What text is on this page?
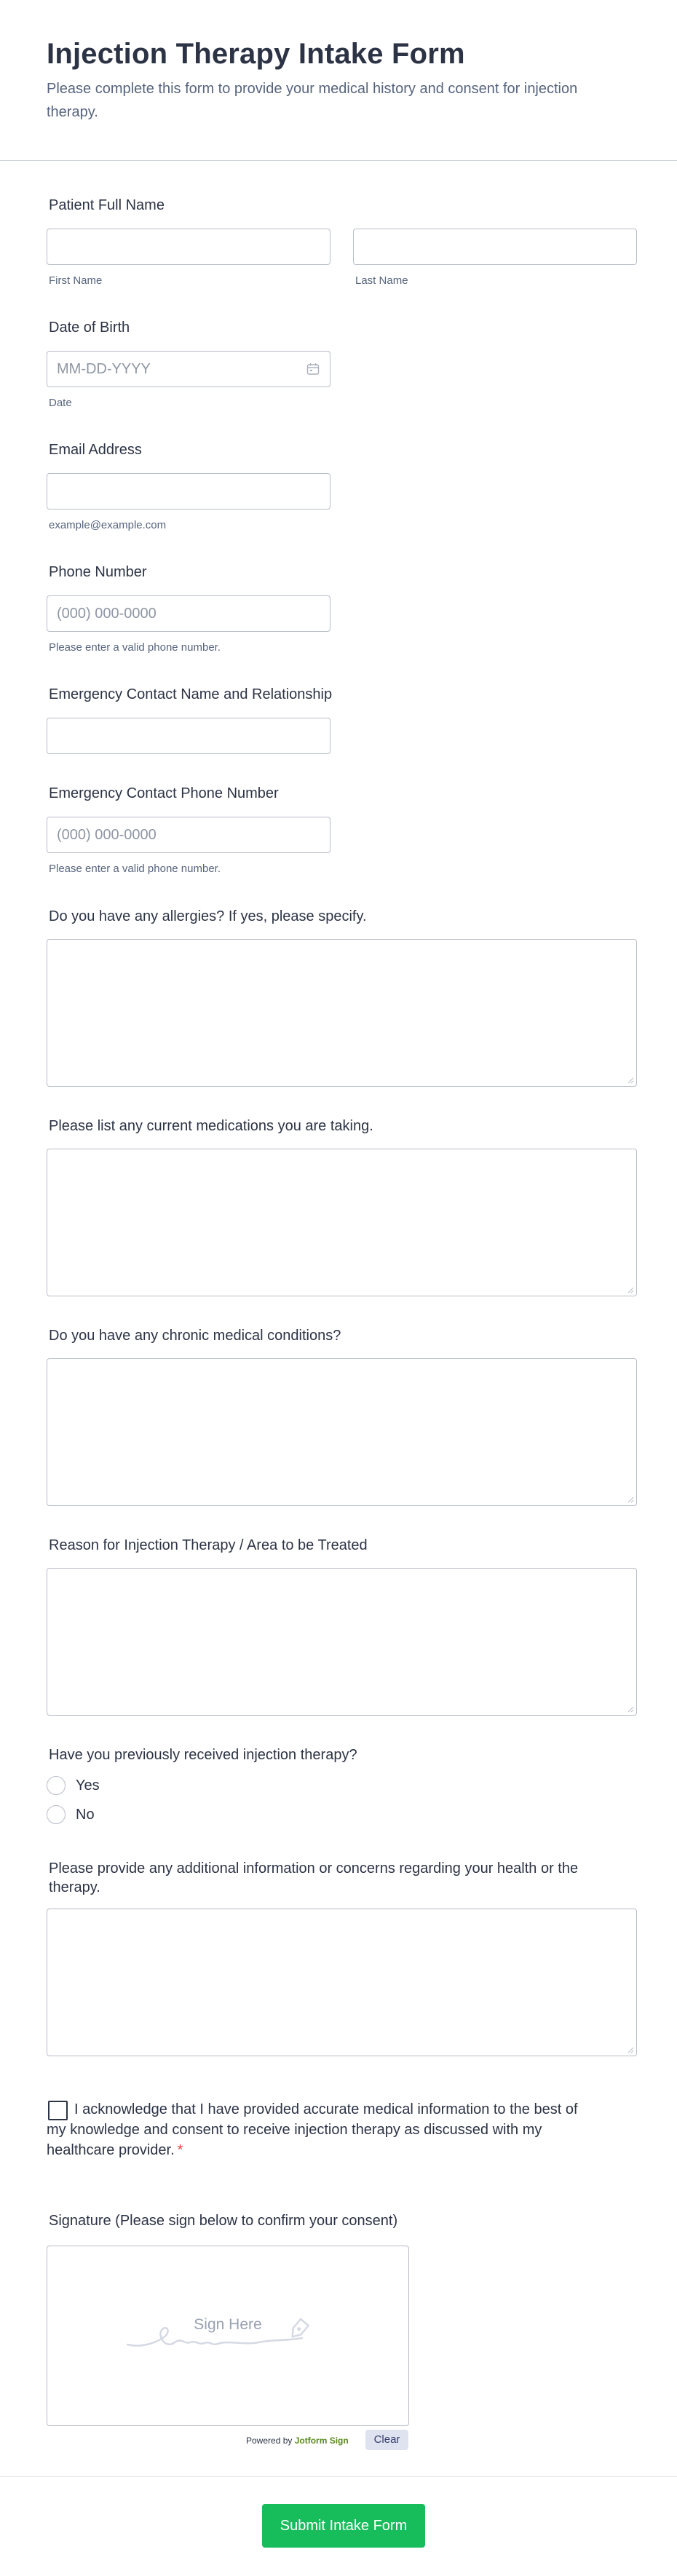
Injection Therapy Intake Form
Please complete this form to provide your medical history and consent for injection therapy.
Patient Full Name
First Name	Last Name
Date of Birth
MM-DD-YYYY
Date
Email Address
example@example.com
Phone Number
(000) 000-0000
Please enter a valid phone number.
Emergency Contact Name and Relationship
Emergency Contact Phone Number
(000) 000-0000
Please enter a valid phone number.
Do you have any allergies? If yes, please specify.
Please list any current medications you are taking.
Do you have any chronic medical conditions?
Reason for Injection Therapy / Area to be Treated
Have you previously received injection therapy?
Yes
No
Please provide any additional information or concerns regarding your health or the
therapy.
I acknowledge that I have provided accurate medical information to the best of my knowledge and consent to receive injection therapy as discussed with my healthcare provider. *
Signature (Please sign below to confirm your consent)
Sign Here
Powered by Jotform Sign	Clear
Submit Intake Form
